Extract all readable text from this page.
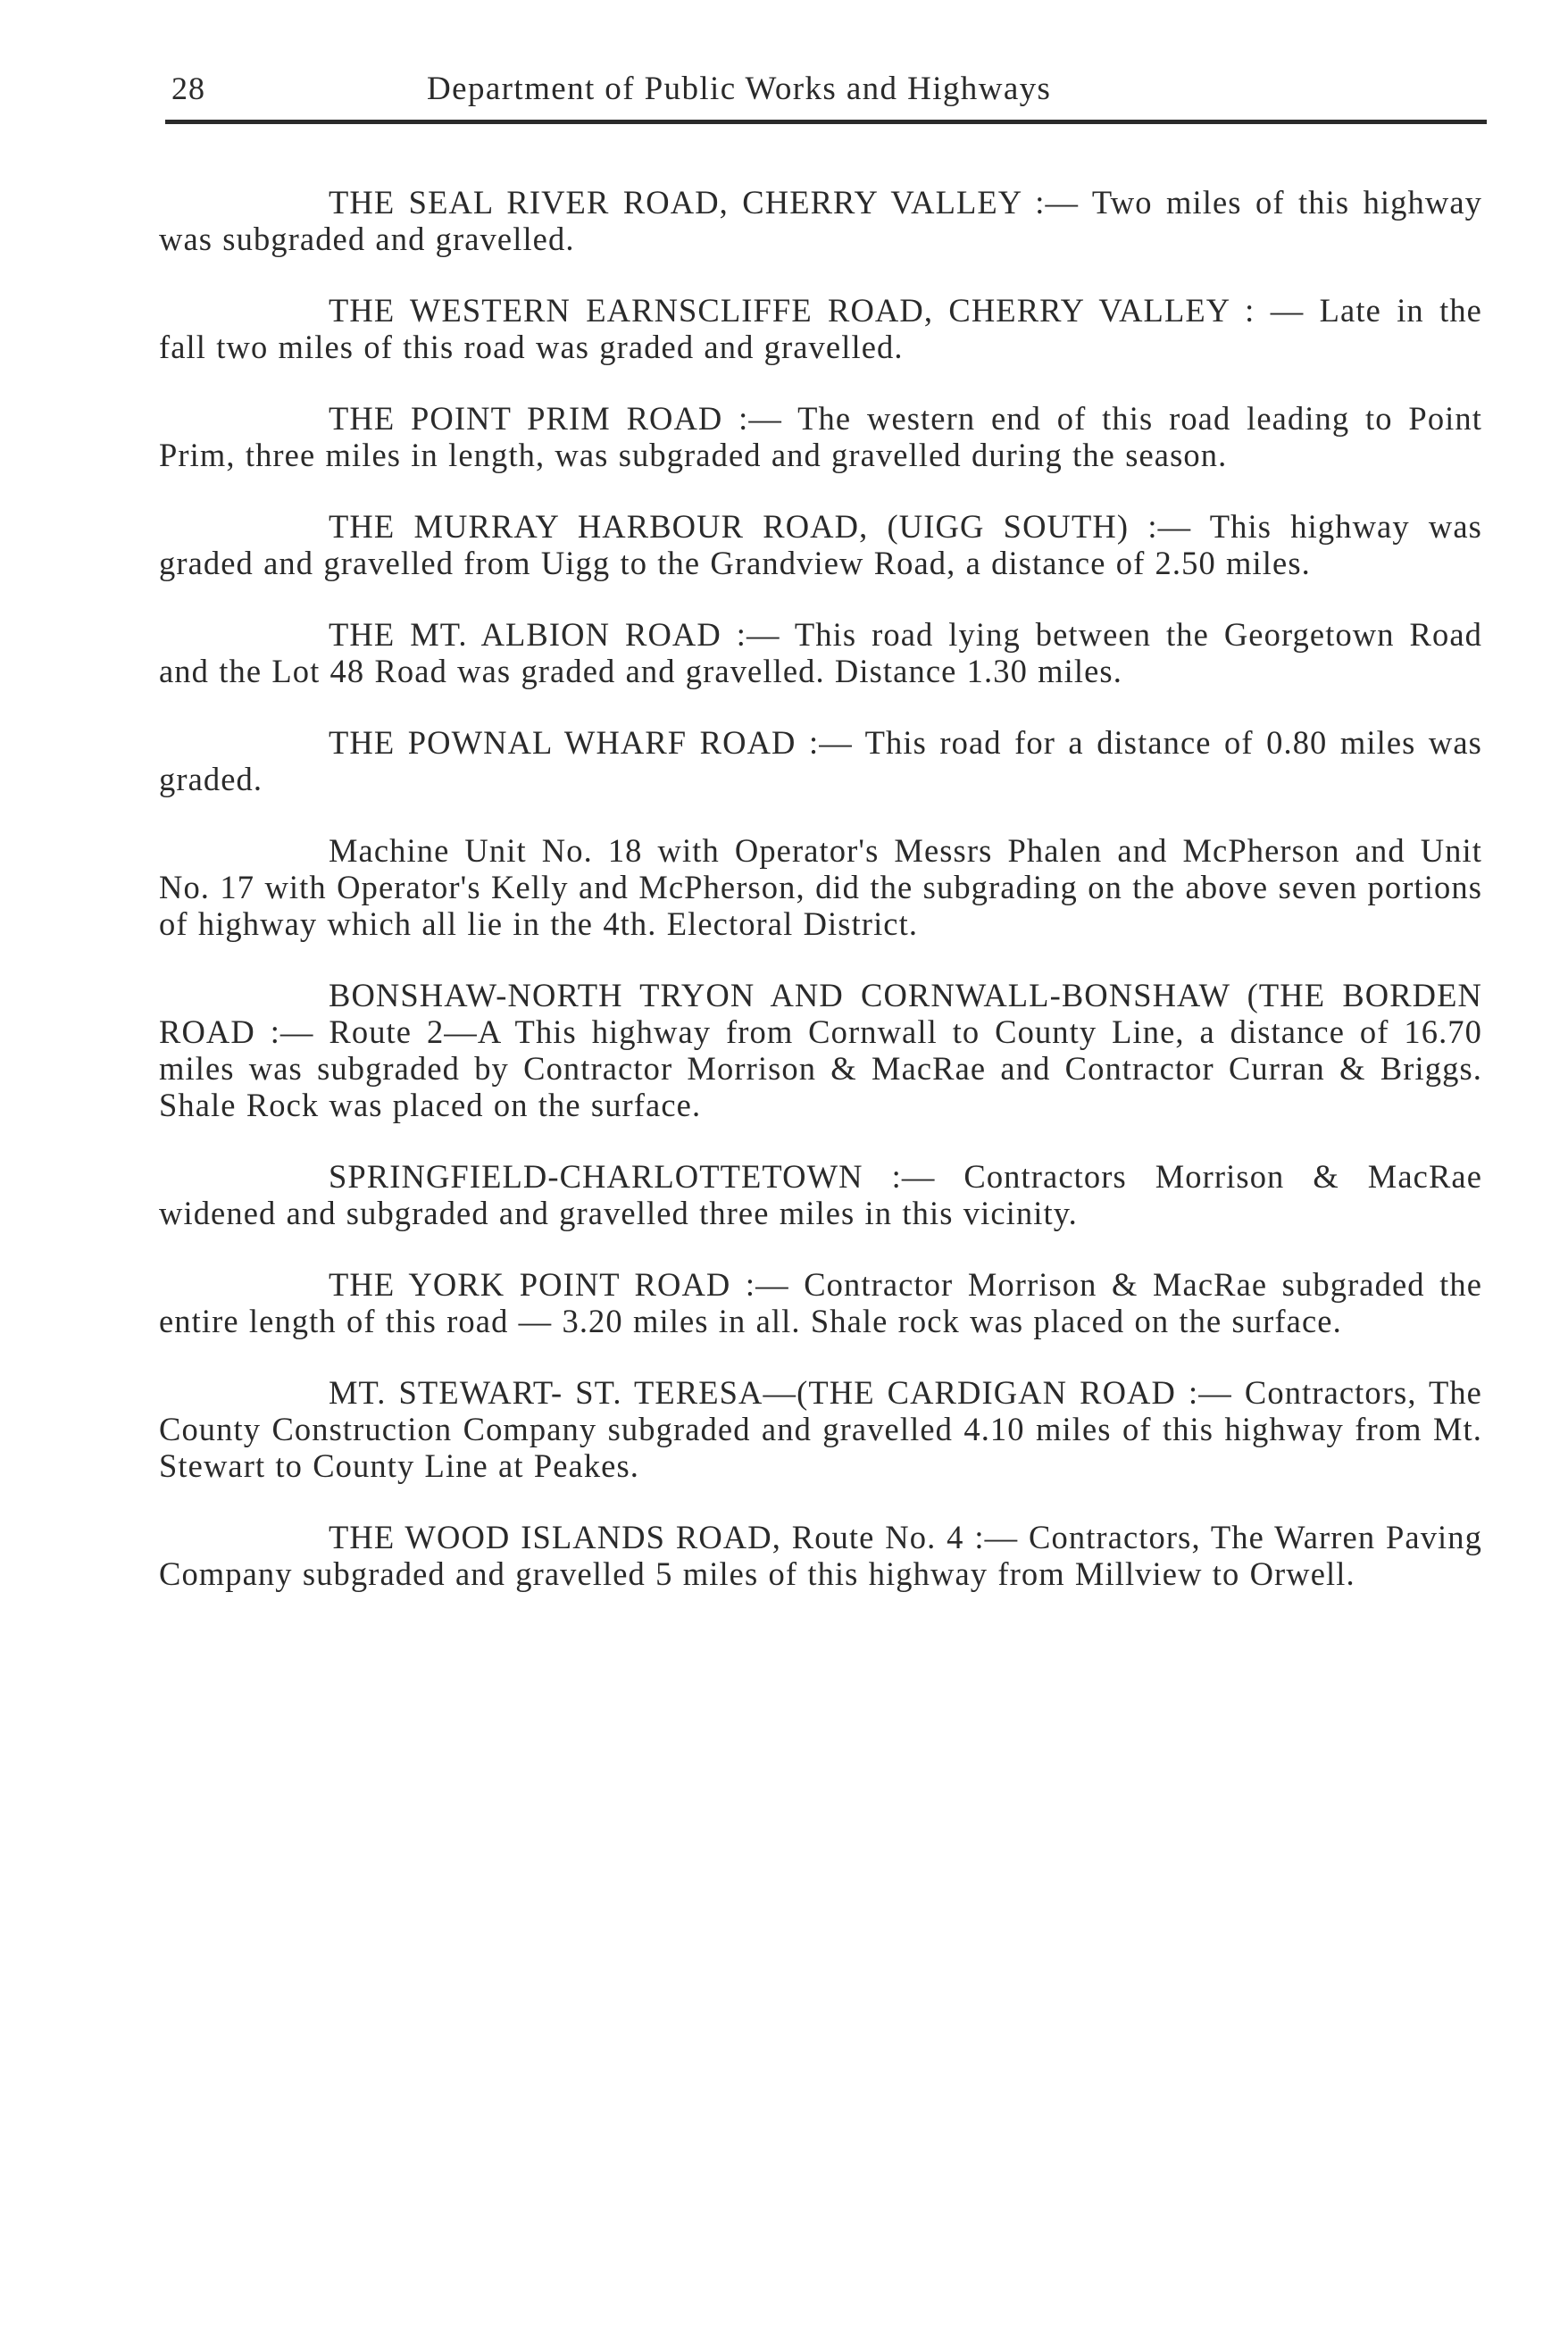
28	Department of Public Works and Highways

THE SEAL RIVER ROAD, CHERRY VALLEY :— Two miles of this highway was subgraded and gravelled.

THE WESTERN EARNSCLIFFE ROAD, CHERRY VALLEY : — Late in the fall two miles of this road was graded and gravelled.

THE POINT PRIM ROAD :— The western end of this road leading to Point Prim, three miles in length, was subgraded and gravelled during the season.

THE MURRAY HARBOUR ROAD, (UIGG SOUTH) :— This highway was graded and gravelled from Uigg to the Grandview Road, a distance of 2.50 miles.

THE MT. ALBION ROAD :— This road lying between the Georgetown Road and the Lot 48 Road was graded and gravelled. Distance 1.30 miles.

THE POWNAL WHARF ROAD :— This road for a distance of 0.80 miles was graded.

Machine Unit No. 18 with Operator's Messrs Phalen and McPherson and Unit No. 17 with Operator's Kelly and McPherson, did the subgrading on the above seven portions of highway which all lie in the 4th. Electoral District.

BONSHAW-NORTH TRYON AND CORNWALL-BONSHAW (THE BORDEN ROAD :— Route 2—A This highway from Cornwall to County Line, a distance of 16.70 miles was subgraded by Contractor Morrison & MacRae and Contractor Curran & Briggs. Shale Rock was placed on the surface.

SPRINGFIELD-CHARLOTTETOWN :— Contractors Morrison & MacRae widened and subgraded and gravelled three miles in this vicinity.

THE YORK POINT ROAD :— Contractor Morrison & MacRae subgraded the entire length of this road — 3.20 miles in all. Shale rock was placed on the surface.

MT. STEWART- ST. TERESA—(THE CARDIGAN ROAD :— Contractors, The County Construction Company subgraded and gravelled 4.10 miles of this highway from Mt. Stewart to County Line at Peakes.

THE WOOD ISLANDS ROAD, Route No. 4 :— Contractors, The Warren Paving Company subgraded and gravelled 5 miles of this highway from Millview to Orwell.
